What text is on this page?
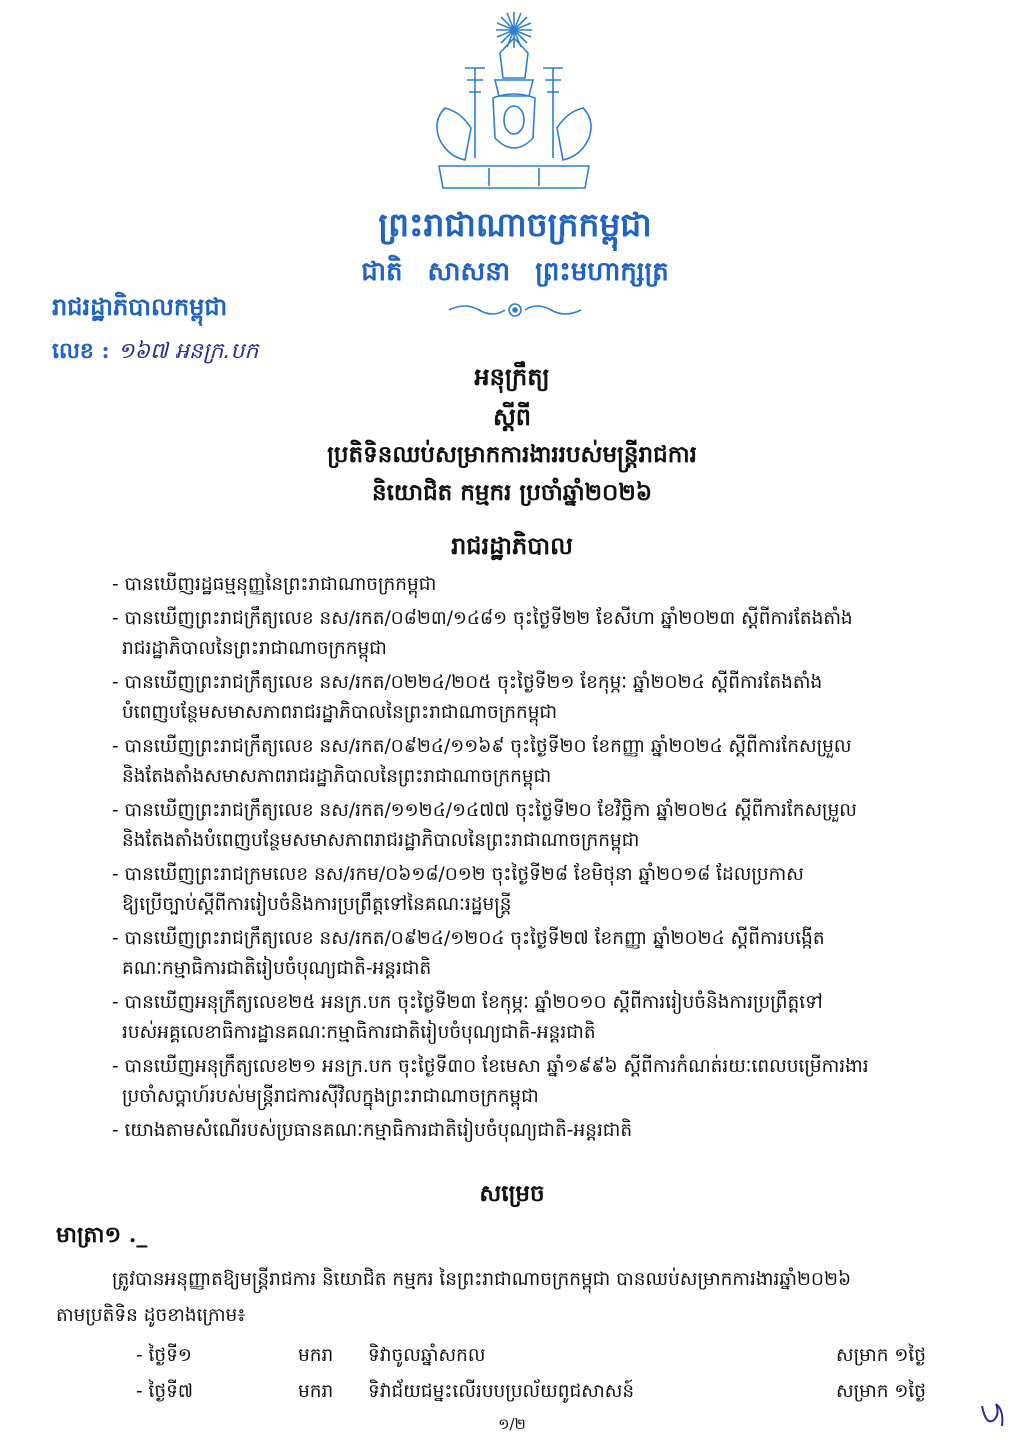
ព្រះរាជាណាចក្រកម្ពុជា
ជាតិ សាសនា ព្រះមហាក្សត្រ
រាជរដ្ឋាភិបាលកម្ពុជា
លេខ : ១៦៧ អនក្រ.បក
អនុក្រឹត្យ
ស្តីពី
ប្រតិទិនឈប់សម្រាកការងាររបស់មន្ត្រីរាជការ
និយោជិត កម្មករ ប្រចាំឆ្នាំ២០២៦
រាជរដ្ឋាភិបាល
- បានឃើញរដ្ឋធម្មនុញ្ញនៃព្រះរាជាណាចក្រកម្ពុជា
- បានឃើញព្រះរាជក្រឹត្យលេខ នស/រកត/០៨២៣/១៤៨១ ចុះថ្ងៃទី២២ ខែសីហា ឆ្នាំ២០២៣ ស្តីពីការតែងតាំង
រាជរដ្ឋាភិបាលនៃព្រះរាជាណាចក្រកម្ពុជា
- បានឃើញព្រះរាជក្រឹត្យលេខ នស/រកត/០២២៤/២០៥ ចុះថ្ងៃទី២១ ខែកុម្ភៈ ឆ្នាំ២០២៤ ស្តីពីការតែងតាំង
បំពេញបន្ថែមសមាសភាពរាជរដ្ឋាភិបាលនៃព្រះរាជាណាចក្រកម្ពុជា
- បានឃើញព្រះរាជក្រឹត្យលេខ នស/រកត/០៩២៤/១១៦៩ ចុះថ្ងៃទី២០ ខែកញ្ញា ឆ្នាំ២០២៤ ស្តីពីការកែសម្រួល
និងតែងតាំងសមាសភាពរាជរដ្ឋាភិបាលនៃព្រះរាជាណាចក្រកម្ពុជា
- បានឃើញព្រះរាជក្រឹត្យលេខ នស/រកត/១១២៤/១៤៧៧ ចុះថ្ងៃទី២០ ខែវិច្ឆិកា ឆ្នាំ២០២៤ ស្តីពីការកែសម្រួល
និងតែងតាំងបំពេញបន្ថែមសមាសភាពរាជរដ្ឋាភិបាលនៃព្រះរាជាណាចក្រកម្ពុជា
- បានឃើញព្រះរាជក្រមលេខ នស/រកម/០៦១៨/០១២ ចុះថ្ងៃទី២៨ ខែមិថុនា ឆ្នាំ២០១៨ ដែលប្រកាស
ឱ្យប្រើច្បាប់ស្តីពីការរៀបចំនិងការប្រព្រឹត្តទៅនៃគណៈរដ្ឋមន្ត្រី
- បានឃើញព្រះរាជក្រឹត្យលេខ នស/រកត/០៩២៤/១២០៤ ចុះថ្ងៃទី២៧ ខែកញ្ញា ឆ្នាំ២០២៤ ស្តីពីការបង្កើត
គណៈកម្មាធិការជាតិរៀបចំបុណ្យជាតិ-អន្តរជាតិ
- បានឃើញអនុក្រឹត្យលេខ២៥ អនក្រ.បក ចុះថ្ងៃទី២៣ ខែកុម្ភៈ ឆ្នាំ២០១០ ស្តីពីការរៀបចំនិងការប្រព្រឹត្តទៅ
របស់អគ្គលេខាធិការដ្ឋានគណៈកម្មាធិការជាតិរៀបចំបុណ្យជាតិ-អន្តរជាតិ
- បានឃើញអនុក្រឹត្យលេខ២១ អនក្រ.បក ចុះថ្ងៃទី៣០ ខែមេសា ឆ្នាំ១៩៩៦ ស្តីពីការកំណត់រយៈពេលបម្រើការងារ
ប្រចាំសប្តាហ៍របស់មន្ត្រីរាជការស៊ីវិលក្នុងព្រះរាជាណាចក្រកម្ពុជា
- យោងតាមសំណើរបស់ប្រធានគណៈកម្មាធិការជាតិរៀបចំបុណ្យជាតិ-អន្តរជាតិ
សម្រេច
មាត្រា១ ._
ត្រូវបានអនុញ្ញាតឱ្យមន្ត្រីរាជការ និយោជិត កម្មករ នៃព្រះរាជាណាចក្រកម្ពុជា បានឈប់សម្រាកការងារឆ្នាំ២០២៦
តាមប្រតិទិន ដូចខាងក្រោម៖
- ថ្ងៃទី១	មករា ទិវាចូលឆ្នាំសកល	សម្រាក ១ថ្ងៃ
- ថ្ងៃទី៧	មករា ទិវាជ័យជម្នះលើរបបប្រល័យពូជសាសន៍	សម្រាក ១ថ្ងៃ
១/២
